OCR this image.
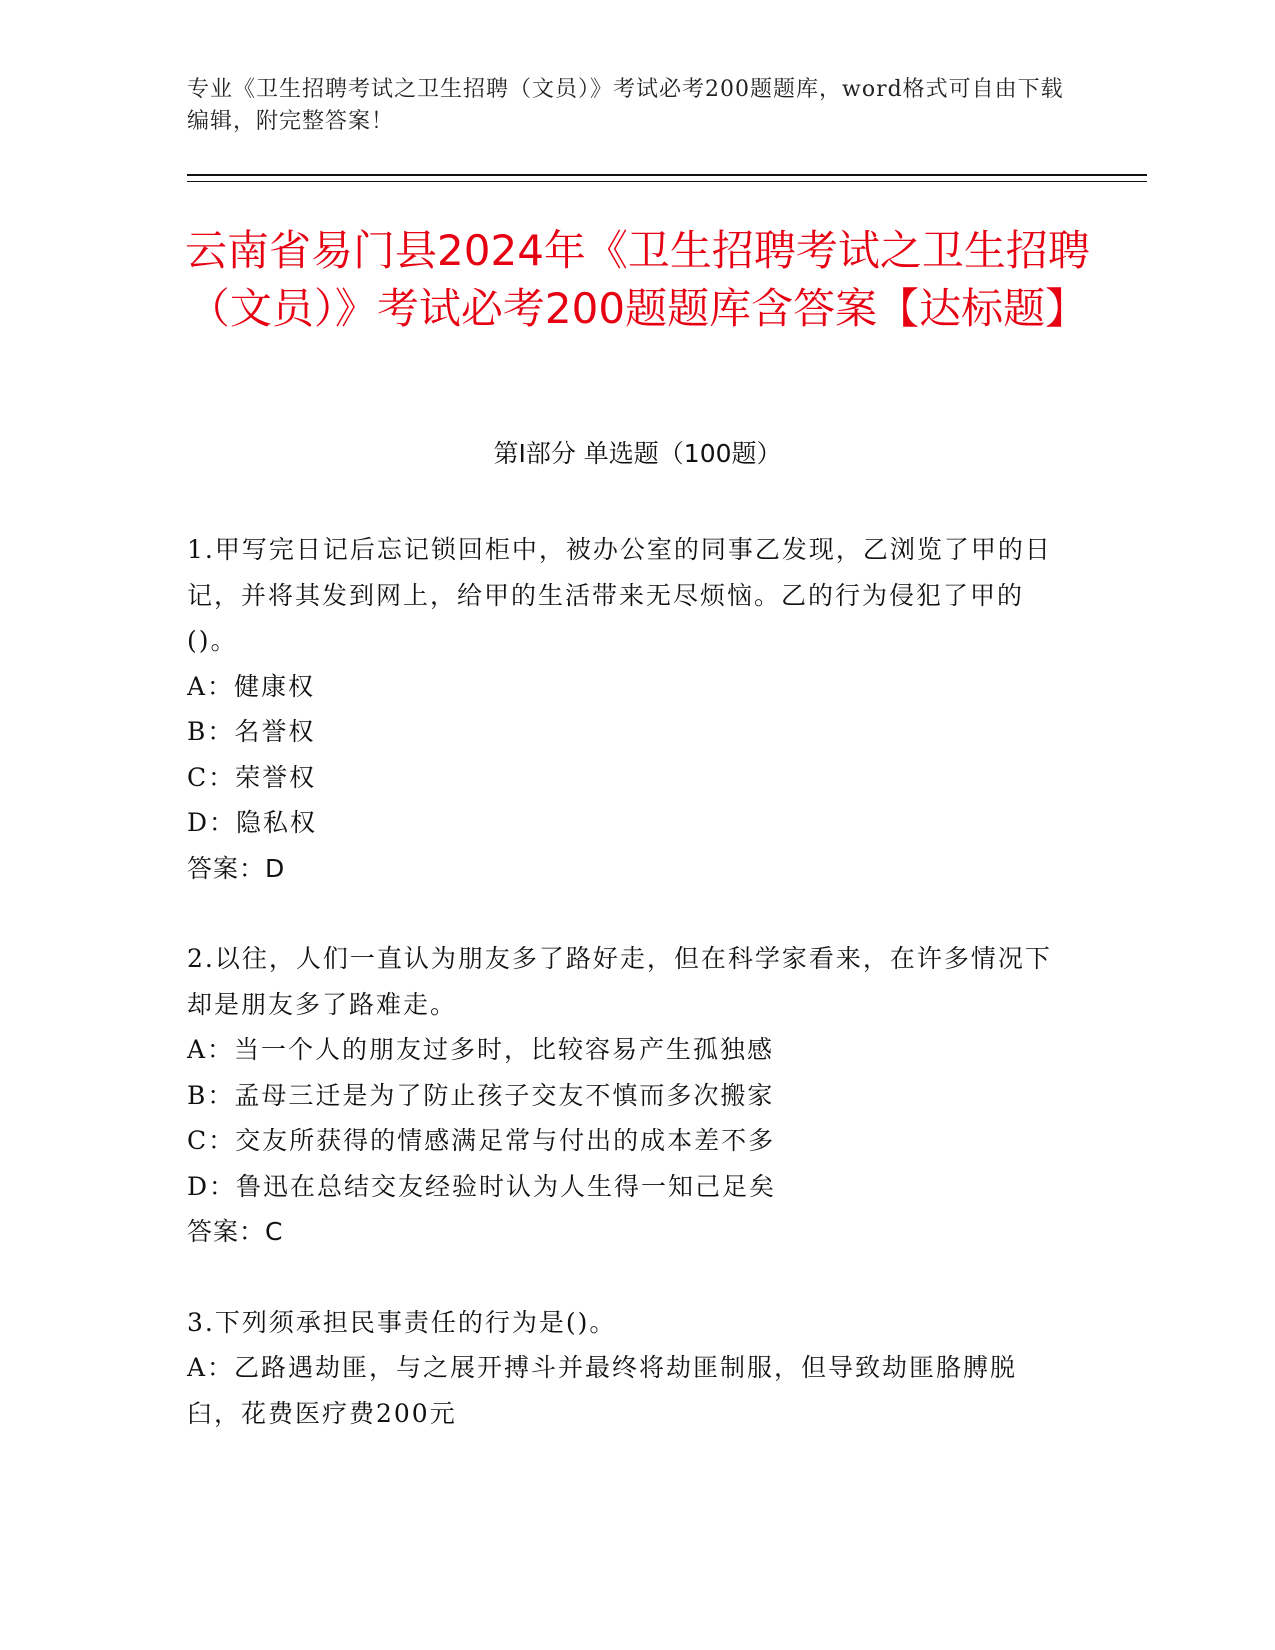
专业《卫生招聘考试之卫生招聘（文员）》考试必考200题题库，word格式可自由下载编辑，附完整答案！
云南省易门县2024年《卫生招聘考试之卫生招聘（文员）》考试必考200题题库含答案【达标题】
第I部分 单选题（100题）

1.甲写完日记后忘记锁回柜中，被办公室的同事乙发现，乙浏览了甲的日记，并将其发到网上，给甲的生活带来无尽烦恼。乙的行为侵犯了甲的()。

A：健康权

B：名誉权

C：荣誉权

D：隐私权

答案：D

2.以往，人们一直认为朋友多了路好走，但在科学家看来，在许多情况下却是朋友多了路难走。

A：当一个人的朋友过多时，比较容易产生孤独感

B：孟母三迁是为了防止孩子交友不慎而多次搬家

C：交友所获得的情感满足常与付出的成本差不多

D：鲁迅在总结交友经验时认为人生得一知己足矣

答案：C

3.下列须承担民事责任的行为是()。

A：乙路遇劫匪，与之展开搏斗并最终将劫匪制服，但导致劫匪胳膊脱臼，花费医疗费200元
